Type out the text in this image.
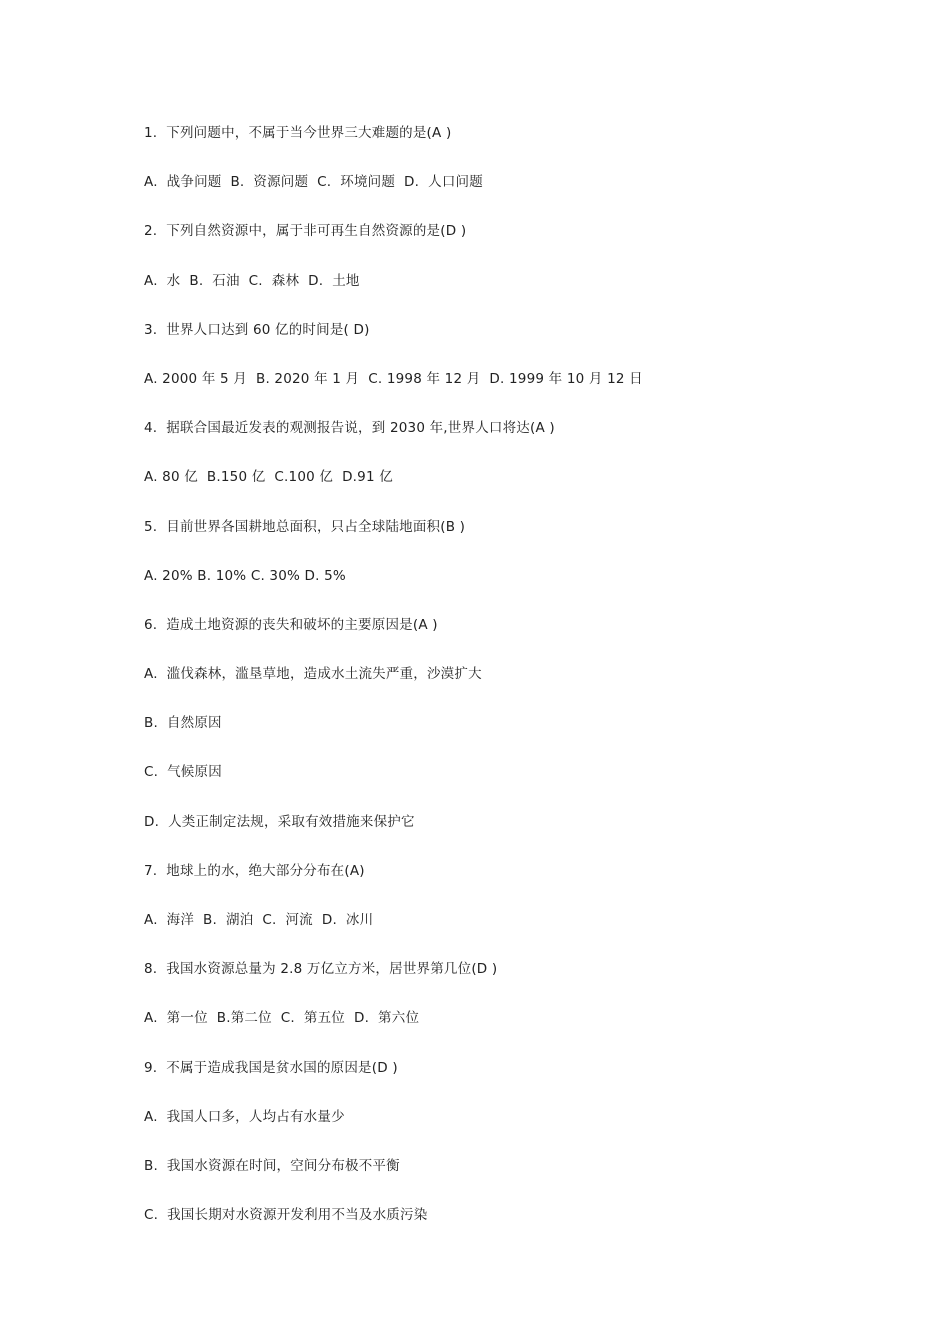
1.  下列问题中，不属于当今世界三大难题的是(A )
A.  战争问题  B.  资源问题  C.  环境问题  D.  人口问题
2.  下列自然资源中，属于非可再生自然资源的是(D )
A.  水  B.  石油  C.  森林  D.  土地
3.  世界人口达到 60 亿的时间是( D)
A. 2000 年 5 月  B. 2020 年 1 月  C. 1998 年 12 月  D. 1999 年 10 月 12 日
4.  据联合国最近发表的观测报告说，到 2030 年,世界人口将达(A )
A. 80 亿  B.150 亿  C.100 亿  D.91 亿
5.  目前世界各国耕地总面积，只占全球陆地面积(B )
A. 20% B. 10% C. 30% D. 5%
6.  造成土地资源的丧失和破坏的主要原因是(A )
A.  滥伐森林，滥垦草地，造成水土流失严重，沙漠扩大
B.  自然原因
C.  气候原因
D.  人类正制定法规，采取有效措施来保护它
7.  地球上的水，绝大部分分布在(A)
A.  海洋  B.  湖泊  C.  河流  D.  冰川
8.  我国水资源总量为 2.8 万亿立方米，居世界第几位(D )
A.  第一位  B.第二位  C.  第五位  D.  第六位
9.  不属于造成我国是贫水国的原因是(D )
A.  我国人口多，人均占有水量少
B.  我国水资源在时间，空间分布极不平衡
C.  我国长期对水资源开发利用不当及水质污染
